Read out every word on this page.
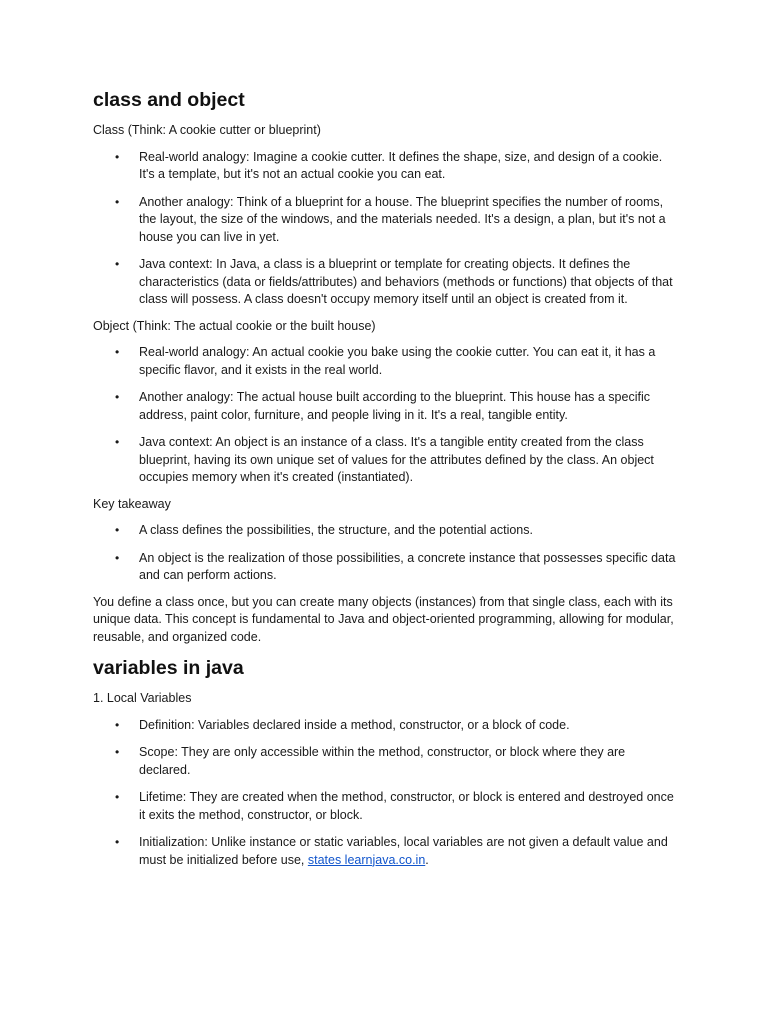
class and object

Class (Think: A cookie cutter or blueprint)

• Real-world analogy: Imagine a cookie cutter. It defines the shape, size, and design of a cookie. It's a template, but it's not an actual cookie you can eat.
• Another analogy: Think of a blueprint for a house. The blueprint specifies the number of rooms, the layout, the size of the windows, and the materials needed. It's a design, a plan, but it's not a house you can live in yet.
• Java context: In Java, a class is a blueprint or template for creating objects. It defines the characteristics (data or fields/attributes) and behaviors (methods or functions) that objects of that class will possess. A class doesn't occupy memory itself until an object is created from it.

Object (Think: The actual cookie or the built house)

• Real-world analogy: An actual cookie you bake using the cookie cutter. You can eat it, it has a specific flavor, and it exists in the real world.
• Another analogy: The actual house built according to the blueprint. This house has a specific address, paint color, furniture, and people living in it. It's a real, tangible entity.
• Java context: An object is an instance of a class. It's a tangible entity created from the class blueprint, having its own unique set of values for the attributes defined by the class. An object occupies memory when it's created (instantiated).

Key takeaway

• A class defines the possibilities, the structure, and the potential actions.
• An object is the realization of those possibilities, a concrete instance that possesses specific data and can perform actions.

You define a class once, but you can create many objects (instances) from that single class, each with its unique data. This concept is fundamental to Java and object-oriented programming, allowing for modular, reusable, and organized code.

variables in java

1. Local Variables

• Definition: Variables declared inside a method, constructor, or a block of code.
• Scope: They are only accessible within the method, constructor, or block where they are declared.
• Lifetime: They are created when the method, constructor, or block is entered and destroyed once it exits the method, constructor, or block.
• Initialization: Unlike instance or static variables, local variables are not given a default value and must be initialized before use, states learnjava.co.in.
